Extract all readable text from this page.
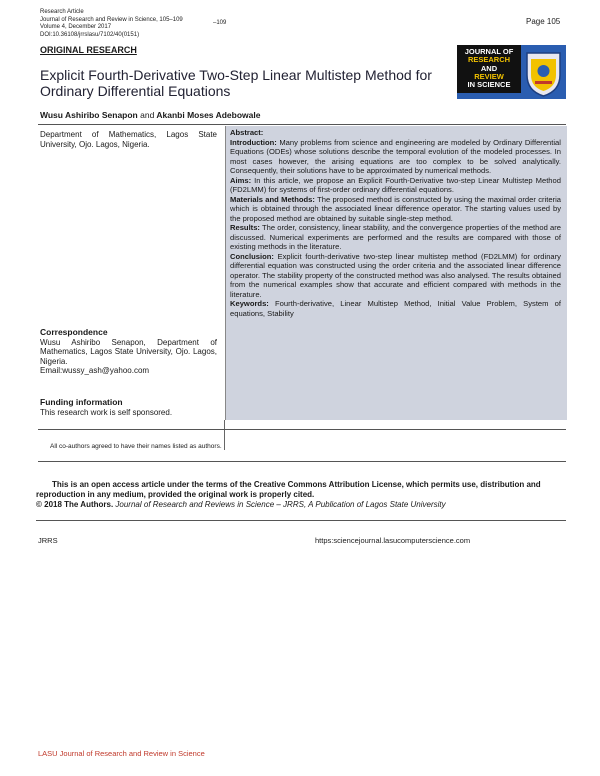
Research Article
Journal of Research and Review in Science, 105–109
Volume 4, December 2017
DOI:10.36108/jrrslasu/7102/40(0151)
–109	Page 105
ORIGINAL RESEARCH	JOURNAL OF
RESEARCH
AND
REVIEW
IN SCIENCE
Explicit Fourth-Derivative Two-Step Linear Multistep Method for
Ordinary Differential Equations
Wusu Ashiribo Senapon and Akanbi Moses Adebowale
Department of Mathematics, Lagos State University, Ojo. Lagos, Nigeria.
Correspondence
Wusu Ashiribo Senapon, Department of Mathematics, Lagos State University, Ojo. Lagos, Nigeria.
Email:wussy_ash@yahoo.com
Funding information
This research work is self sponsored.
Abstract:
Introduction: Many problems from science and engineering are modeled by Ordinary Differential Equations (ODEs) whose solutions describe the temporal evolution of the modeled processes. In most cases however, the arising equations are too complex to be solved analytically. Consequently, their solutions have to be approximated by numerical methods.
Aims: In this article, we propose an Explicit Fourth-Derivative two-step Linear Multistep Method (FD2LMM) for systems of first-order ordinary differential equations.
Materials and Methods: The proposed method is constructed by using the maximal order criteria which is obtained through the associated linear difference operator. The starting values used by the proposed method are obtained by suitable single-step method.
Results: The order, consistency, linear stability, and the convergence properties of the method are discussed. Numerical experiments are performed and the results are compared with those of existing methods in the literature.
Conclusion: Explicit fourth-derivative two-step linear multistep method (FD2LMM) for ordinary differential equation was constructed using the order criteria and the associated linear difference operator. The stability property of the constructed method was also analysed. The results obtained from the numerical examples show that accurate and efficient compared with methods in the literature.
Keywords: Fourth-derivative, Linear Multistep Method, Initial Value Problem, System of equations, Stability
All co-authors agreed to have their names listed as authors.
This is an open access article under the terms of the Creative Commons Attribution License, which permits use, distribution and reproduction in any medium, provided the original work is properly cited.
© 2018 The Authors. Journal of Research and Reviews in Science – JRRS, A Publication of Lagos State University
JRRS	https:sciencejournal.lasucomputerscience.com
LASU Journal of Research and Review in Science
